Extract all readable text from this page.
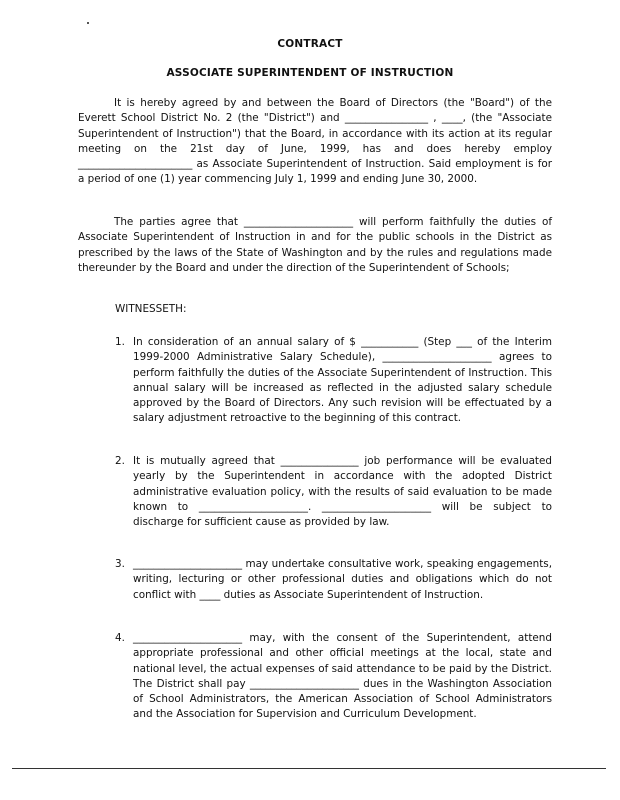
CONTRACT
ASSOCIATE SUPERINTENDENT OF INSTRUCTION

It is hereby agreed by and between the Board of Directors (the "Board") of the Everett School District No. 2 (the "District") and ________________ , ____, (the "Associate Superintendent of Instruction") that the Board, in accordance with its action at its regular meeting on the 21st day of June, 1999, has and does hereby employ ______________________ as Associate Superintendent of Instruction. Said employment is for a period of one (1) year commencing July 1, 1999 and ending June 30, 2000.

The parties agree that _____________________ will perform faithfully the duties of Associate Superintendent of Instruction in and for the public schools in the District as prescribed by the laws of the State of Washington and by the rules and regulations made thereunder by the Board and under the direction of the Superintendent of Schools;

WITNESSETH:
1. In consideration of an annual salary of $ ___________ (Step ___ of the Interim 1999-2000 Administrative Salary Schedule), _____________________ agrees to perform faithfully the duties of the Associate Superintendent of Instruction. This annual salary will be increased as reflected in the adjusted salary schedule approved by the Board of Directors. Any such revision will be effectuated by a salary adjustment retroactive to the beginning of this contract.

2. It is mutually agreed that _______________ job performance will be evaluated yearly by the Superintendent in accordance with the adopted District administrative evaluation policy, with the results of said evaluation to be made known to _____________________. _____________________ will be subject to discharge for sufficient cause as provided by law.

3. _____________________ may undertake consultative work, speaking engagements, writing, lecturing or other professional duties and obligations which do not conflict with ____ duties as Associate Superintendent of Instruction.

4. _____________________ may, with the consent of the Superintendent, attend appropriate professional and other official meetings at the local, state and national level, the actual expenses of said attendance to be paid by the District. The District shall pay _____________________ dues in the Washington Association of School Administrators, the American Association of School Administrators and the Association for Supervision and Curriculum Development.
